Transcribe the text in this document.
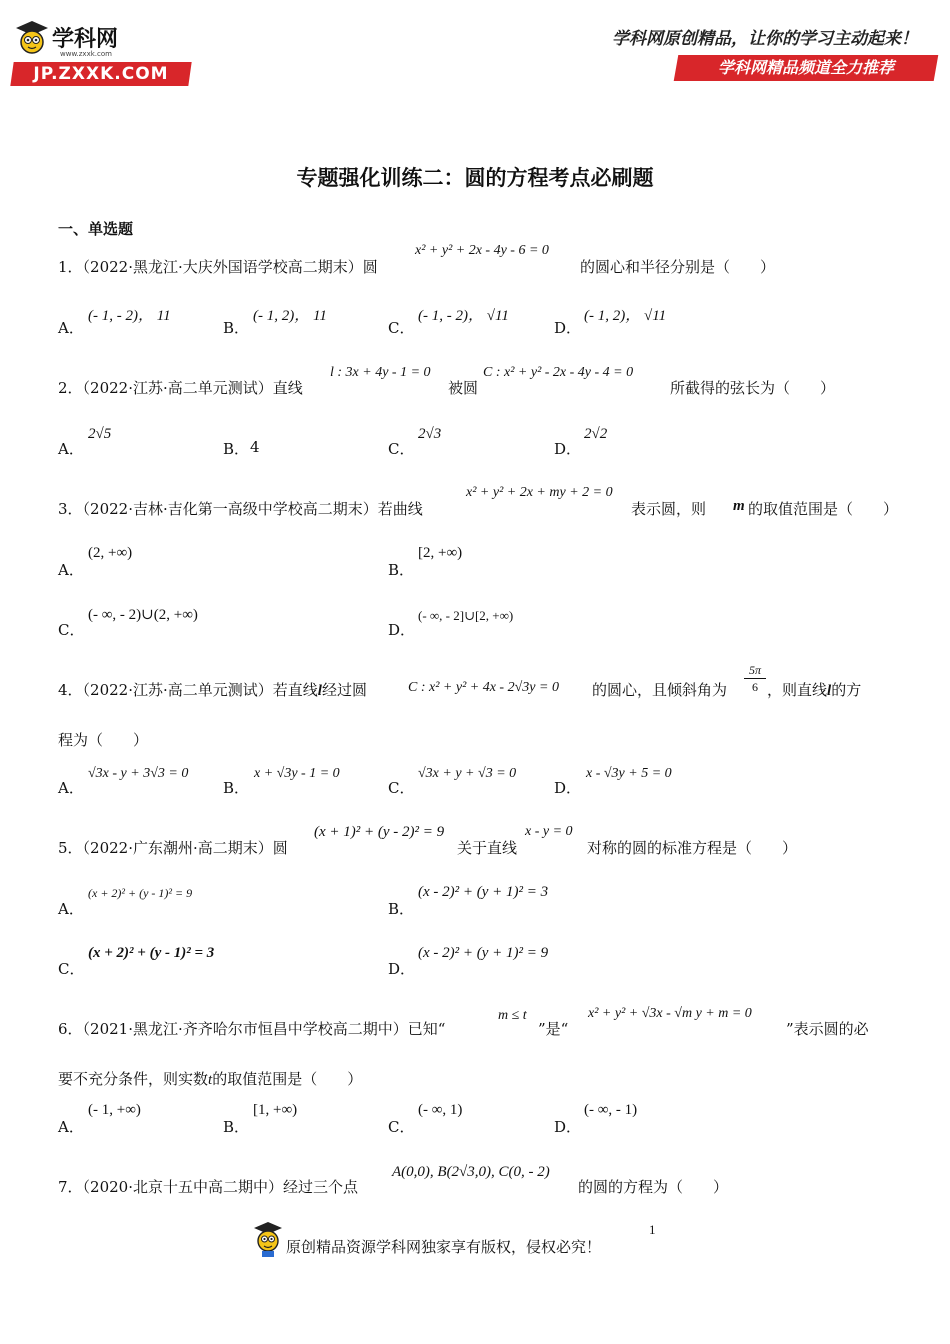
学科网
www.zxxk.com
JP.ZXXK.COM
学科网原创精品，让你的学习主动起来！
学科网精品频道全力推荐
专题强化训练二：圆的方程考点必刷题
一、单选题
1．（2022·黑龙江·大庆外国语学校高二期末）圆
x² + y² + 2x - 4y - 6 = 0
的圆心和半径分别是（　　）
A．
(- 1, - 2)， 11
B．
(- 1, 2)， 11
C．
(- 1, - 2)， √11
D．
(- 1, 2)， √11
2．（2022·江苏·高二单元测试）直线
l : 3x + 4y - 1 = 0
被圆
C : x² + y² - 2x - 4y - 4 = 0
所截得的弦长为（　　）
A．
2√5
B． 4	C．
2√3
D．
2√2
3．（2022·吉林·吉化第一高级中学校高二期末）若曲线
x² + y² + 2x + my + 2 = 0
表示圆，则 m 的取值范围是（　　）
A．
(2, +∞)
B．
[2, +∞)
C．
(- ∞, - 2)∪(2, +∞)
D．
(- ∞, - 2]∪[2, +∞)
4．（2022·江苏·高二单元测试）若直线l经过圆	C : x² + y² + 4x - 2√3y = 0 的圆心，且倾斜角为 $\frac{5\pi}{6}$ ，则直线l的方
程为（　　）
A．
√3x - y + 3√3 = 0
B．
x + √3y - 1 = 0
C．
√3x + y + √3 = 0
D．
x - √3y + 5 = 0
5．（2022·广东潮州·高二期末）圆
(x + 1)² + (y - 2)² = 9
关于直线
x - y = 0
对称的圆的标准方程是（　　）
A．
(x + 2)² + (y - 1)² = 9
B．
(x - 2)² + (y + 1)² = 3
C．
(x + 2)² + (y - 1)² = 3
D．
(x - 2)² + (y + 1)² = 9
6．（2021·黑龙江·齐齐哈尔市恒昌中学校高二期中）已知“
m ≤ t
”是“
x² + y² + √3x - √m y + m = 0
”表示圆的必
要不充分条件，则实数t的取值范围是（　　）
A．
(- 1, +∞)
B．
[1, +∞)
C．
(- ∞, 1)
D．
(- ∞, - 1)
7．（2020·北京十五中高二期中）经过三个点
A(0,0), B(2√3,0), C(0, - 2)
的圆的方程为（　　）
原创精品资源学科网独家享有版权，侵权必究！
1
